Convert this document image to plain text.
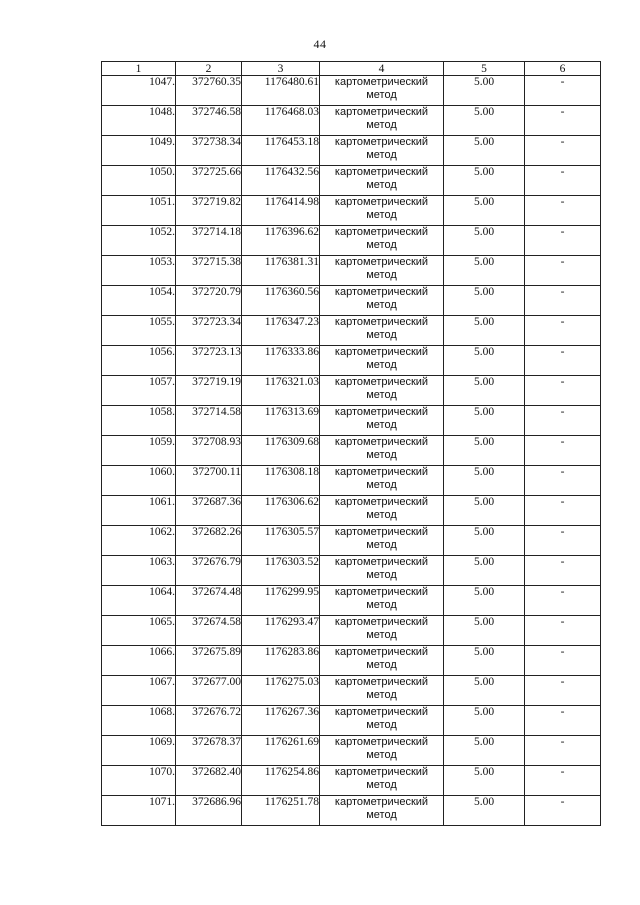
44
1	2	3	4	5	6
1047.	372760.35	1176480.61	картометрический метод	5.00	-
1048.	372746.58	1176468.03	картометрический метод	5.00	-
1049.	372738.34	1176453.18	картометрический метод	5.00	-
1050.	372725.66	1176432.56	картометрический метод	5.00	-
1051.	372719.82	1176414.98	картометрический метод	5.00	-
1052.	372714.18	1176396.62	картометрический метод	5.00	-
1053.	372715.38	1176381.31	картометрический метод	5.00	-
1054.	372720.79	1176360.56	картометрический метод	5.00	-
1055.	372723.34	1176347.23	картометрический метод	5.00	-
1056.	372723.13	1176333.86	картометрический метод	5.00	-
1057.	372719.19	1176321.03	картометрический метод	5.00	-
1058.	372714.58	1176313.69	картометрический метод	5.00	-
1059.	372708.93	1176309.68	картометрический метод	5.00	-
1060.	372700.11	1176308.18	картометрический метод	5.00	-
1061.	372687.36	1176306.62	картометрический метод	5.00	-
1062.	372682.26	1176305.57	картометрический метод	5.00	-
1063.	372676.79	1176303.52	картометрический метод	5.00	-
1064.	372674.48	1176299.95	картометрический метод	5.00	-
1065.	372674.58	1176293.47	картометрический метод	5.00	-
1066.	372675.89	1176283.86	картометрический метод	5.00	-
1067.	372677.00	1176275.03	картометрический метод	5.00	-
1068.	372676.72	1176267.36	картометрический метод	5.00	-
1069.	372678.37	1176261.69	картометрический метод	5.00	-
1070.	372682.40	1176254.86	картометрический метод	5.00	-
1071.	372686.96	1176251.78	картометрический метод	5.00	-
